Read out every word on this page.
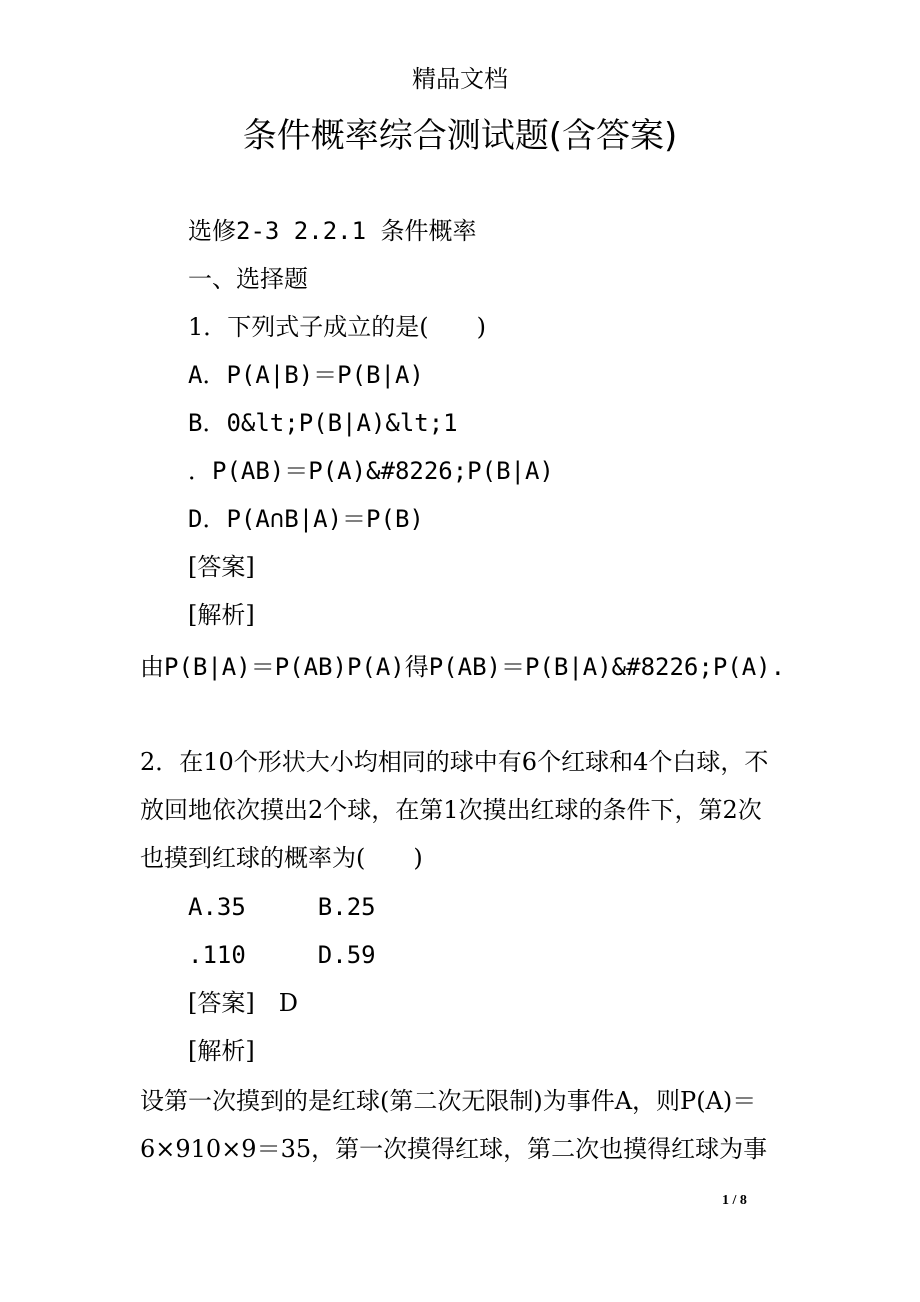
精品文档
条件概率综合测试题(含答案)
选修2-3 2.2.1 条件概率
一、选择题
1．下列式子成立的是(　　)
A．P(A|B)＝P(B|A)
B．0&lt;P(B|A)&lt;1
．P(AB)＝P(A)&#8226;P(B|A)
D．P(A∩B|A)＝P(B)
[答案]
[解析]
由P(B|A)＝P(AB)P(A)得P(AB)＝P(B|A)&#8226;P(A).
2．在10个形状大小均相同的球中有6个红球和4个白球，不
放回地依次摸出2个球，在第1次摸出红球的条件下，第2次
也摸到红球的概率为(　　)
A.35　　　B.25
.110　　　D.59
[答案]　D
[解析]
设第一次摸到的是红球(第二次无限制)为事件A，则P(A)＝
6×910×9＝35，第一次摸得红球，第二次也摸得红球为事
1 / 8
